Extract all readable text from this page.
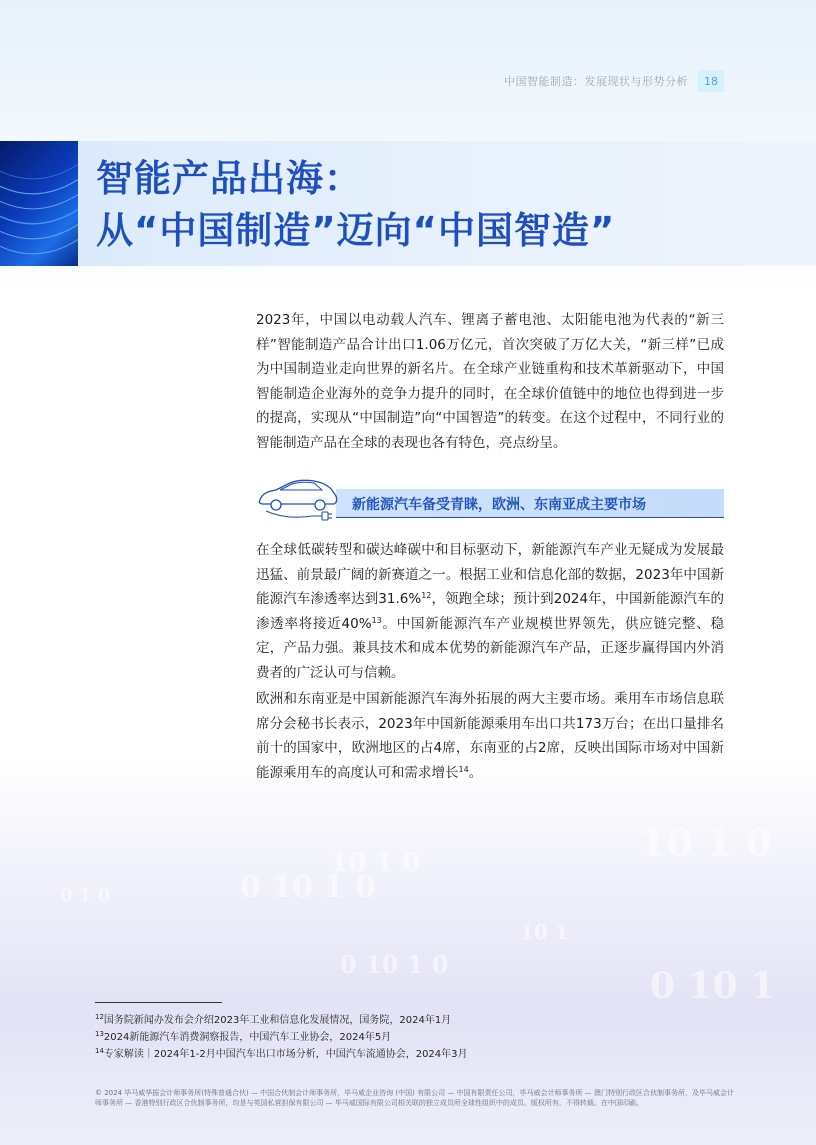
10 1 0
10 1 0
0 10 1 0
10 1
0 10 1 0
0 10 1
0 1 0
中国智能制造：发展现状与形势分析	18
智能产品出海：
从“中国制造”迈向“中国智造”

2023年，中国以电动载人汽车、锂离子蓄电池、太阳能电池为代表的“新三样”智能制造产品合计出口1.06万亿元，首次突破了万亿大关，“新三样”已成为中国制造业走向世界的新名片。在全球产业链重构和技术革新驱动下，中国智能制造企业海外的竞争力提升的同时，在全球价值链中的地位也得到进一步的提高，实现从“中国制造”向“中国智造”的转变。在这个过程中，不同行业的智能制造产品在全球的表现也各有特色，亮点纷呈。

新能源汽车备受青睐，欧洲、东南亚成主要市场

在全球低碳转型和碳达峰碳中和目标驱动下，新能源汽车产业无疑成为发展最迅猛、前景最广阔的新赛道之一。根据工业和信息化部的数据，2023年中国新能源汽车渗透率达到31.6%$^{12}$，领跑全球；预计到2024年，中国新能源汽车的渗透率将接近40%$^{13}$。中国新能源汽车产业规模世界领先，供应链完整、稳定，产品力强。兼具技术和成本优势的新能源汽车产品，正逐步赢得国内外消费者的广泛认可与信赖。

欧洲和东南亚是中国新能源汽车海外拓展的两大主要市场。乘用车市场信息联席分会秘书长表示，2023年中国新能源乘用车出口共173万台；在出口量排名前十的国家中，欧洲地区的占4席，东南亚的占2席，反映出国际市场对中国新能源乘用车的高度认可和需求增长$^{14}$。

$^{12}$国务院新闻办发布会介绍2023年工业和信息化发展情况，国务院，2024年1月
$^{13}$2024新能源汽车消费洞察报告，中国汽车工业协会，2024年5月
$^{14}$专家解读｜2024年1-2月中国汽车出口市场分析，中国汽车流通协会，2024年3月

© 2024 毕马威华振会计师事务所(特殊普通合伙) — 中国合伙制会计师事务所，毕马威企业咨询 (中国) 有限公司 — 中国有限责任公司，毕马威会计师事务所 — 澳门特别行政区合伙制事务所，及毕马威会计师事务所 — 香港特别行政区合伙制事务所，均是与英国私营担保有限公司 — 毕马威国际有限公司相关联的独立成员所全球性组织中的成员。版权所有，不得转载。在中国印刷。
